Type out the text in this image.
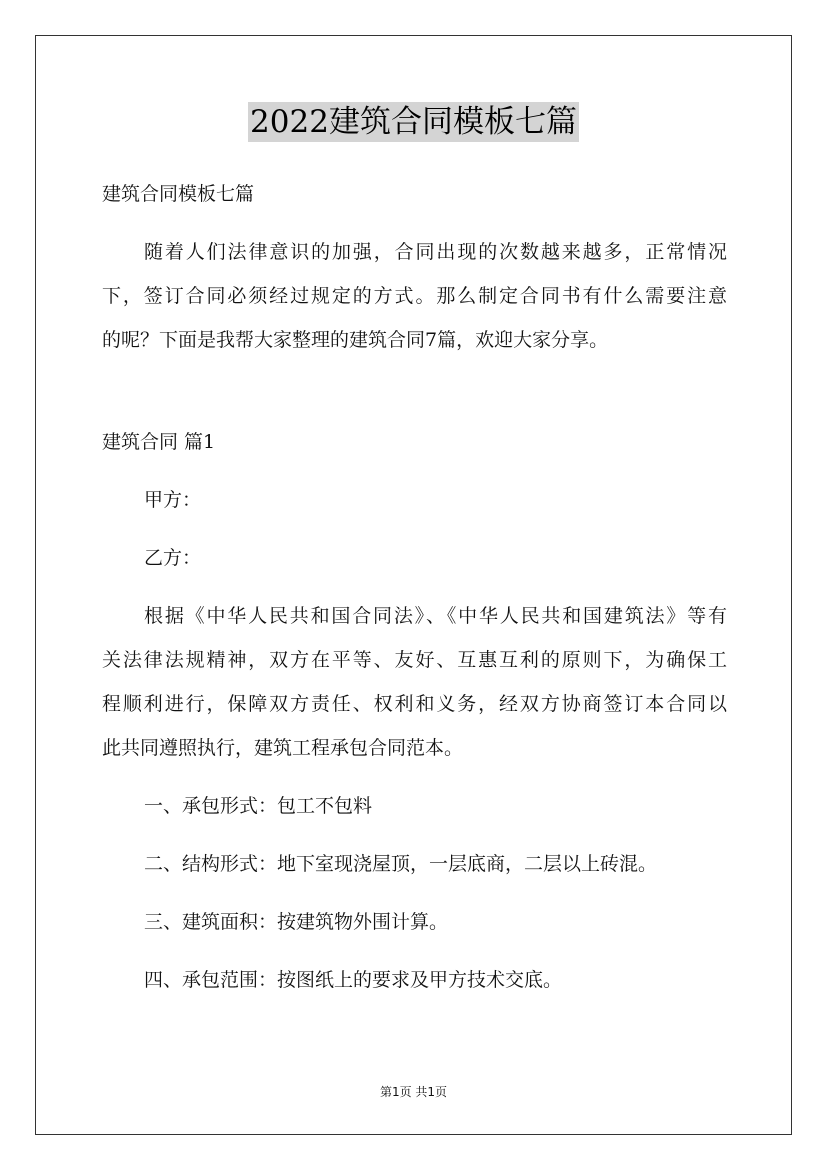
2022建筑合同模板七篇
建筑合同模板七篇
随着人们法律意识的加强，合同出现的次数越来越多，正常情况
下，签订合同必须经过规定的方式。那么制定合同书有什么需要注意
的呢？下面是我帮大家整理的建筑合同7篇，欢迎大家分享。
建筑合同 篇1
甲方：
乙方：
根据《中华人民共和国合同法》、《中华人民共和国建筑法》等有
关法律法规精神，双方在平等、友好、互惠互利的原则下，为确保工
程顺利进行，保障双方责任、权利和义务，经双方协商签订本合同以
此共同遵照执行，建筑工程承包合同范本。
一、承包形式：包工不包料
二、结构形式：地下室现浇屋顶，一层底商，二层以上砖混。
三、建筑面积：按建筑物外围计算。
四、承包范围：按图纸上的要求及甲方技术交底。
第1页 共1页
